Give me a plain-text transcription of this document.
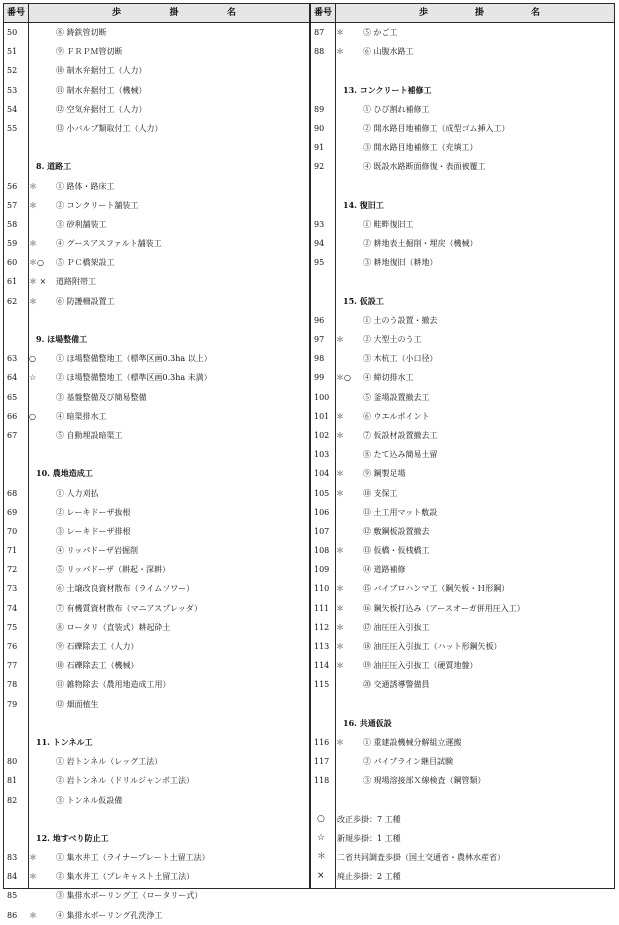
番号	歩	掛	名	番号	歩	掛	名
50	⑧ 鋳鉄管切断
51	⑨ ＦＲＰＭ管切断
52	⑩ 制水弁据付工（人力）
53	⑪ 制水弁据付工（機械）
54	⑫ 空気弁据付工（人力）
55	⑬ 小バルブ類取付工（人力）
8. 道路工
56	＊	① 路体・路床工
57	＊	② コンクリート舗装工
58	③ 砂利舗装工
59	＊	④ グースアスファルト舗装工
60	＊○	⑤ ＰＣ橋架設工
61	＊ ×	道路附帯工
62	＊	⑥ 防護柵設置工
9. ほ場整備工
63	○	① ほ場整備整地工（標準区画0.3ha 以上）
64	☆	② ほ場整備整地工（標準区画0.3ha 未満）
65	③ 基盤整備及び簡易整備
66	○	④ 暗渠排水工
67	⑤ 自動埋設暗渠工
10. 農地造成工
68	① 人力刈払
69	② レーキドーザ抜根
70	③ レーキドーザ排根
71	④ リッパドーザ岩掘削
72	⑤ リッパドーザ（耕起・深耕）
73	⑥ 土壌改良資材散布（ライムソワー）
74	⑦ 有機質資材散布（マニアスプレッダ）
75	⑧ ロータリ（直装式）耕起砕土
76	⑨ 石礫除去工（人力）
77	⑩ 石礫除去工（機械）
78	⑪ 雑物除去（農用地造成工用）
79	⑫ 畑面植生
11. トンネル工
80	① 岩トンネル（レッグ工法）
81	② 岩トンネル（ドリルジャンボ工法）
82	③ トンネル仮設備
12. 地すべり防止工
83	＊	① 集水井工（ライナープレート土留工法）
84	＊	② 集水井工（プレキャスト土留工法）
85	③ 集排水ボーリング工（ロータリー式）
86	＊	④ 集排水ボーリング孔洗浄工
87	＊	⑤ かご工
88	＊	⑥ 山腹水路工
13. コンクリート補修工
89	① ひび割れ補修工
90	② 開水路目地補修工（成型ゴム挿入工）
91	③ 開水路目地補修工（充填工）
92	④ 既設水路断面修復・表面被覆工
14. 復旧工
93	① 畦畔復旧工
94	② 耕地表土掘削・埋戻（機械）
95	③ 耕地復旧（耕地）
15. 仮設工
96	① 土のう設置・撤去
97	＊	② 大型土のう工
98	③ 木杭工（小口径）
99	＊○	④ 締切排水工
100	⑤ 釜場設置撤去工
101 ＊	⑥ ウエルポイント
102 ＊	⑦ 仮設材設置撤去工
103	⑧ たて込み簡易土留
104 ＊	⑨ 鋼製足場
105 ＊	⑩ 支保工
106	⑪ 土工用マット敷設
107	⑫ 敷鋼板設置撤去
108 ＊	⑬ 仮橋・仮桟橋工
109	⑭ 道路補修
110 ＊	⑮ バイブロハンマ工（鋼矢板・Ｈ形鋼）
111 ＊	⑯ 鋼矢板打込み（アースオーガ併用圧入工）
112 ＊	⑰ 油圧圧入引抜工
113 ＊	⑱ 油圧圧入引抜工（ハット形鋼矢板）
114 ＊	⑲ 油圧圧入引抜工（硬質地盤）
115	⑳ 交通誘導警備員
16. 共通仮設
116 ＊	① 重建設機械分解組立運搬
117	② パイプライン継目試験
118	③ 現場溶接部Ｘ線検査（鋼管類）
○	改正歩掛：7 工種
☆	新規歩掛：1 工種
＊	二省共同調査歩掛（国土交通省・農林水産省）
×	廃止歩掛：2 工種
